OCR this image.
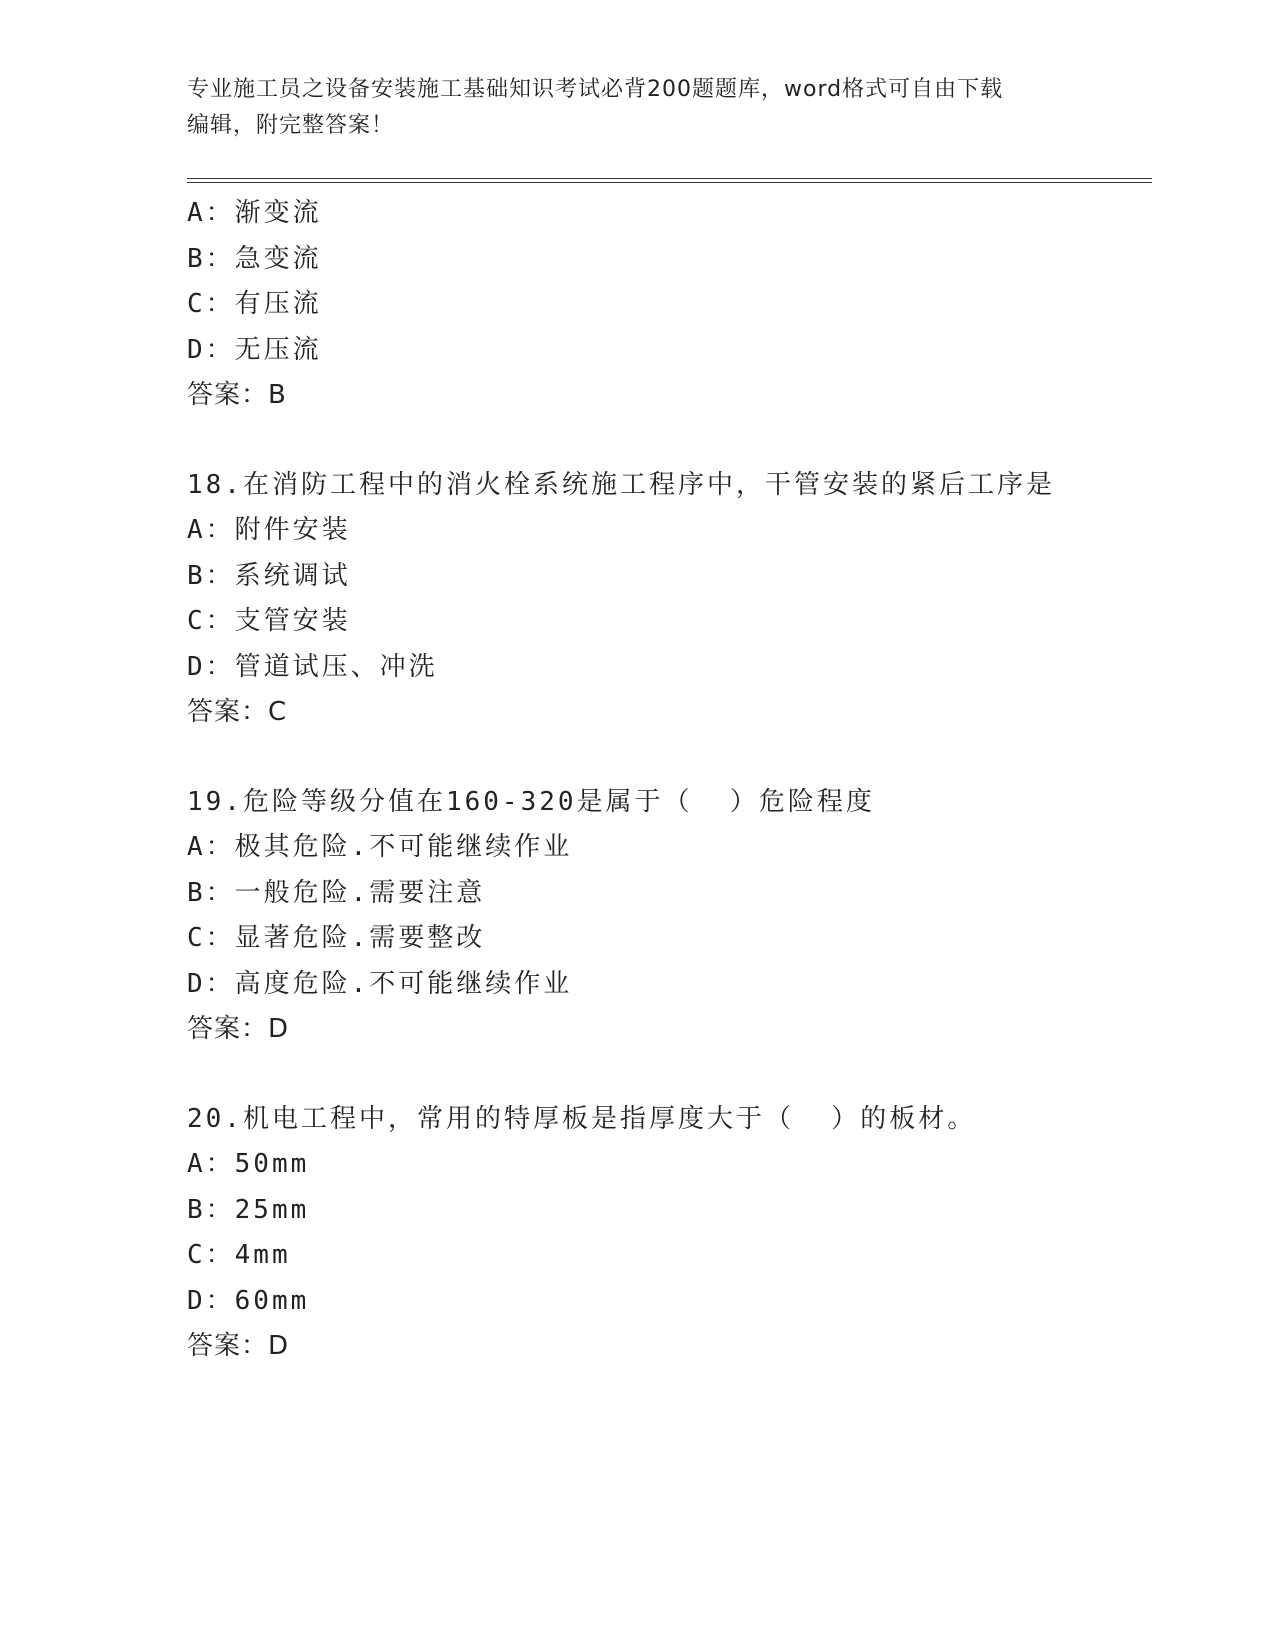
专业施工员之设备安装施工基础知识考试必背200题题库，word格式可自由下载
编辑，附完整答案！
A：渐变流
B：急变流
C：有压流
D：无压流
答案：B
18.在消防工程中的消火栓系统施工程序中，干管安装的紧后工序是
A：附件安装
B：系统调试
C：支管安装
D：管道试压、冲洗
答案：C
19.危险等级分值在160-320是属于（  ）危险程度
A：极其危险.不可能继续作业
B：一般危险.需要注意
C：显著危险.需要整改
D：高度危险.不可能继续作业
答案：D
20.机电工程中，常用的特厚板是指厚度大于（  ）的板材。
A：50mm
B：25mm
C：4mm
D：60mm
答案：D
